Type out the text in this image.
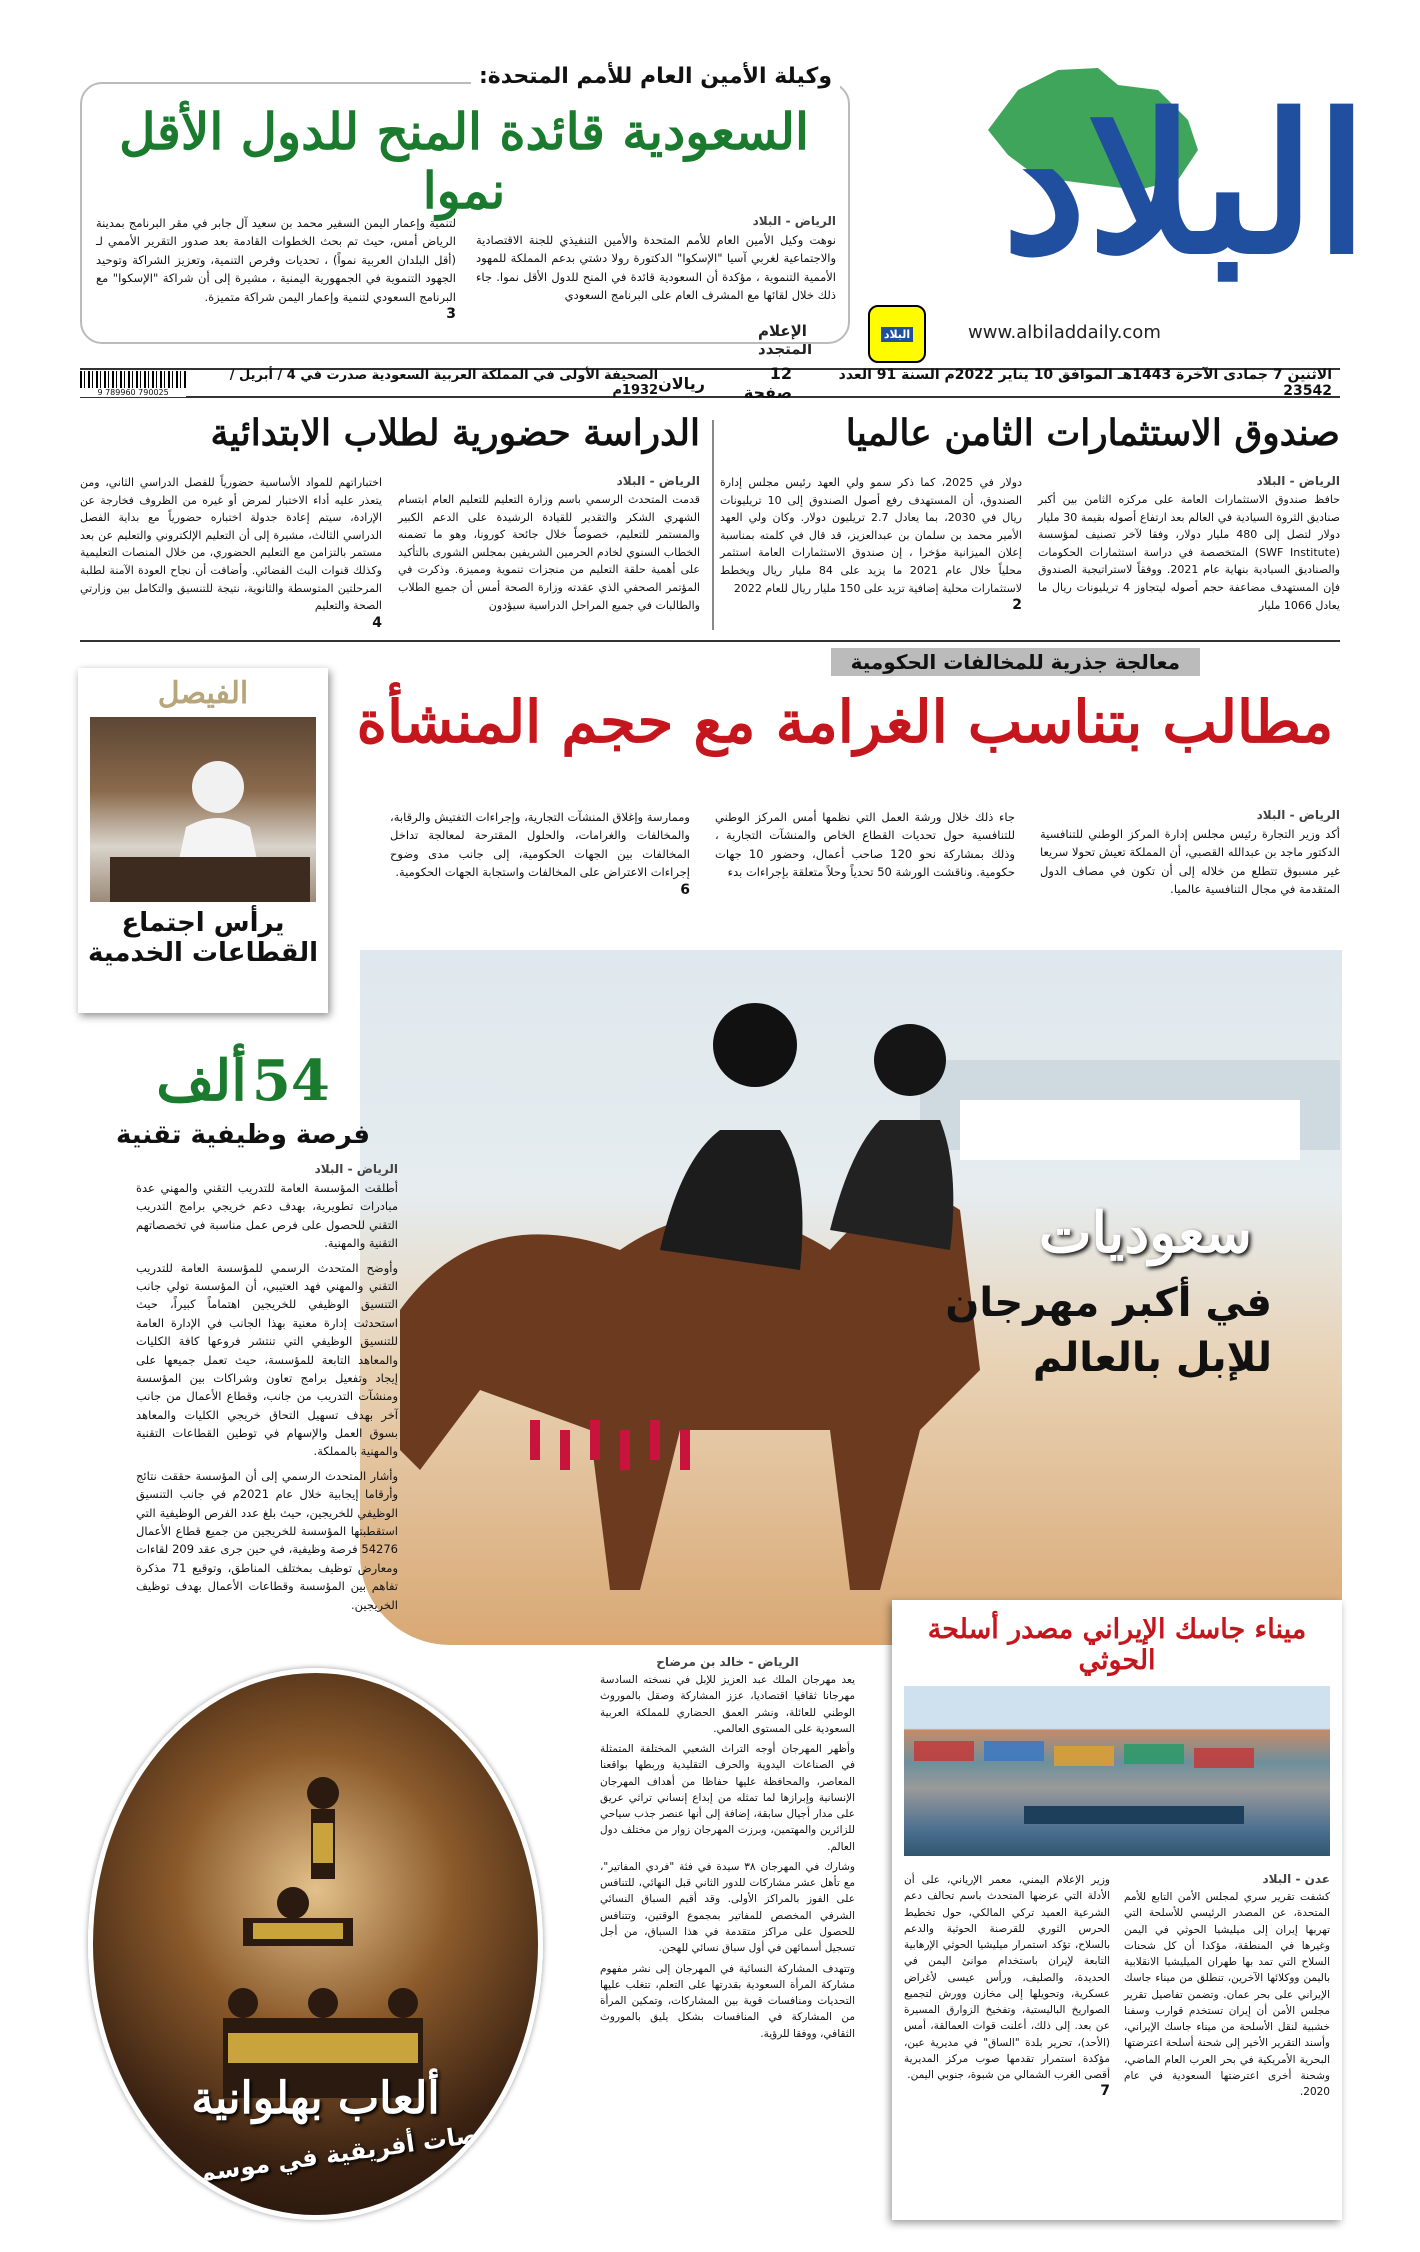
البلاد
البلاد	www.albiladdaily.com
الإعلام المتجدد
وكيلة الأمين العام للأمم المتحدة:
السعودية قائدة المنح للدول الأقل نموا
الرياض - البلاد
نوهت وكيل الأمين العام للأمم المتحدة والأمين التنفيذي للجنة الاقتصادية والاجتماعية لغربي آسيا "الإسكوا" الدكتورة رولا دشتي بدعم المملكة للمهود الأممية التنموية ، مؤكدة أن السعودية قائدة في المنح للدول الأقل نموا. جاء ذلك خلال لقائها مع المشرف العام على البرنامج السعودي
لتنمية وإعمار اليمن السفير محمد بن سعيد آل جابر في مقر البرنامج بمدينة الرياض أمس، حيث تم بحث الخطوات القادمة بعد صدور التقرير الأممي لـ (أقل البلدان العربية نمواً) ، تحديات وفرص التنمية، وتعزيز الشراكة وتوحيد الجهود التنموية في الجمهورية اليمنية ، مشيرة إلى أن شراكة "الإسكوا" مع البرنامج السعودي لتنمية وإعمار اليمن شراكة متميزة.
3
الاثنين 7 جمادى الآخرة 1443هـ الموافق 10 يناير 2022م السنة 91 العدد 23542
12 صفحة
ريالان
الصحيفة الأولى في المملكة العربية السعودية صدرت في 4 / أبريل / 1932م
9 789960 790025
صندوق الاستثمارات الثامن عالميا
الرياض - البلاد
حافظ صندوق الاستثمارات العامة على مركزه الثامن بين أكبر صناديق الثروة السيادية في العالم بعد ارتفاع أصوله بقيمة 30 مليار دولار لتصل إلى 480 مليار دولار، وفقا لآخر تصنيف لمؤسسة (SWF Institute) المتخصصة في دراسة استثمارات الحكومات والصناديق السيادية بنهاية عام 2021. ووفقاً لاستراتيجية الصندوق فإن المستهدف مضاعفة حجم أصوله ليتجاوز 4 تريليونات ريال ما يعادل 1066 مليار
دولار في 2025، كما ذكر سمو ولي العهد رئيس مجلس إدارة الصندوق، أن المستهدف رفع أصول الصندوق إلى 10 تريليونات ريال في 2030، بما يعادل 2.7 تريليون دولار. وكان ولي العهد الأمير محمد بن سلمان بن عبدالعزيز، قد قال في كلمته بمناسبة إعلان الميزانية مؤخرا ، إن صندوق الاستثمارات العامة استثمر محلياً خلال عام 2021 ما يزيد على 84 مليار ريال ويخطط لاستثمارات محلية إضافية تزيد على 150 مليار ريال للعام 2022
2
الدراسة حضورية لطلاب الابتدائية
الرياض - البلاد
قدمت المتحدث الرسمي باسم وزارة التعليم للتعليم العام ابتسام الشهري الشكر والتقدير للقيادة الرشيدة على الدعم الكبير والمستمر للتعليم، خصوصاً خلال جائحة كورونا، وهو ما تضمنه الخطاب السنوي لخادم الحرمين الشريفين بمجلس الشورى بالتأكيد على أهمية حلقة التعليم من منجزات تنموية ومميزة. وذكرت في المؤتمر الصحفي الذي عقدته وزارة الصحة أمس أن جميع الطلاب والطالبات في جميع المراحل الدراسية سيؤدون
اختباراتهم للمواد الأساسية حضورياً للفصل الدراسي الثاني، ومن يتعذر عليه أداء الاختبار لمرض أو غيره من الظروف فخارجة عن الإرادة، سيتم إعادة جدولة اختباره حضورياً مع بداية الفصل الدراسي الثالث، مشيرة إلى أن التعليم الإلكتروني والتعليم عن بعد مستمر بالتزامن مع التعليم الحضوري، من خلال المنصات التعليمية وكذلك قنوات البث الفضائي. وأضافت أن نجاح العودة الآمنة لطلبة المرحلتين المتوسطة والثانوية، نتيجة للتنسيق والتكامل بين وزارتي الصحة والتعليم
4
معالجة جذرية للمخالفات الحكومية
مطالب بتناسب الغرامة مع حجم المنشأة
الرياض - البلاد
أكد وزير التجارة رئيس مجلس إدارة المركز الوطني للتنافسية الدكتور ماجد بن عبدالله القصبي، أن المملكة تعيش تحولا سريعا غير مسبوق تتطلع من خلاله إلى أن تكون في مصاف الدول المتقدمة في مجال التنافسية عالميا.
جاء ذلك خلال ورشة العمل التي نظمها أمس المركز الوطني للتنافسية حول تحديات القطاع الخاص والمنشآت التجارية ، وذلك بمشاركة نحو 120 صاحب أعمال، وحضور 10 جهات حكومية. وناقشت الورشة 50 تحدياً وحلاً متعلقة بإجراءات بدء
وممارسة وإغلاق المنشآت التجارية، وإجراءات التفتيش والرقابة، والمخالفات والغرامات، والحلول المقترحة لمعالجة تداخل المخالفات بين الجهات الحكومية، إلى جانب مدى وضوح إجراءات الاعتراض على المخالفات واستجابة الجهات الحكومية.
6
الفيصل
يرأس اجتماع
القطاعات الخدمية
سعوديات
في أكبر مهرجان
للإبل بالعالم
54 ألف
فرصة وظيفية تقنية
الرياض - البلاد
أطلقت المؤسسة العامة للتدريب التقني والمهني عدة مبادرات تطويرية، بهدف دعم خريجي برامج التدريب التقني للحصول على فرص عمل مناسبة في تخصصاتهم التقنية والمهنية.
وأوضح المتحدث الرسمي للمؤسسة العامة للتدريب التقني والمهني فهد العتيبي، أن المؤسسة تولي جانب التنسيق الوظيفي للخريجين اهتماماً كبيراً، حيث استحدثت إدارة معنية بهذا الجانب في الإدارة العامة للتنسيق الوظيفي التي تنتشر فروعها كافة الكليات والمعاهد التابعة للمؤسسة، حيث تعمل جميعها على إيجاد وتفعيل برامج تعاون وشراكات بين المؤسسة ومنشآت التدريب من جانب، وقطاع الأعمال من جانب آخر بهدف تسهيل التحاق خريجي الكليات والمعاهد بسوق العمل والإسهام في توطين القطاعات التقنية والمهنية بالمملكة.
وأشار المتحدث الرسمي إلى أن المؤسسة حققت نتائج وأرقاما إيجابية خلال عام 2021م في جانب التنسيق الوظيفي للخريجين، حيث بلغ عدد الفرص الوظيفية التي استقطبتها المؤسسة للخريجين من جميع قطاع الأعمال 54276 فرصة وظيفية، في حين جرى عقد 209 لقاءات ومعارض توظيف بمختلف المناطق، وتوقيع 71 مذكرة تفاهم بين المؤسسة وقطاعات الأعمال بهدف توظيف الخريجين.
الرياض - خالد بن مرضاح
يعد مهرجان الملك عبد العزيز للإبل في نسخته السادسة مهرجانا ثقافيا اقتصاديا، عزز المشاركة وصقل بالموروث الوطني للعائلة، ونشر العمق الحضاري للمملكة العربية السعودية على المستوى العالمي.
وأظهر المهرجان أوجه التراث الشعبي المختلفة المتمثلة في الصناعات اليدوية والحرف التقليدية وربطها بواقعنا المعاصر، والمحافظة عليها حفاظا من أهداف المهرجان الإنسانية وإبرازها لما تمثله من إبداع إنساني تراثي عريق على مدار أجيال سابقة، إضافة إلى أنها عنصر جذب سياحي للزائرين والمهتمين، وبرزت المهرجان زوار من مختلف دول العالم.
وشارك في المهرجان ٣٨ سيدة في فئة "فردي المفاتير"، مع تأهل عشر مشاركات للدور الثاني قبل النهائي، للتنافس على الفوز بالمراكز الأولى. وقد أقيم السباق النسائي الشرفي المخصص للمفاتير بمجموع الوقتين، وتتنافس للحصول على مراكز متقدمة في هذا السباق، من أجل تسجيل أسمائهن في أول سباق نسائي للهجن.
وتتهدف المشاركة النسائية في المهرجان إلى نشر مفهوم مشاركة المرأة السعودية بقدرتها على التعلم، تتغلب عليها التحديات ومنافسات قوية بين المشاركات، وتمكين المرأة من المشاركة في المنافسات بشكل يليق بالموروث الثقافي، ووفقا للرؤية.
ميناء جاسك الإيراني مصدر أسلحة الحوثي
عدن - البلاد
كشفت تقرير سري لمجلس الأمن التابع للأمم المتحدة، عن المصدر الرئيسي للأسلحة التي تهربها إيران إلى ميليشيا الحوثي في اليمن وغيرها في المنطقة، مؤكدا أن كل شحنات السلاح التي تمد بها طهران الميليشيا الانقلابية باليمن ووكلائها الآخرين، تنطلق من ميناء جاسك الإيراني على بحر عمان. وتضمن تفاصيل تقرير مجلس الأمن أن إيران تستخدم قوارب وسفنا خشبية لنقل الأسلحة من ميناء جاسك الإيراني، وأسند التقرير الأخير إلى شحنة أسلحة اعترضتها البحرية الأمريكية في بحر العرب العام الماضي، وشحنة أخرى اعترضتها السعودية في عام 2020.
وزير الإعلام اليمني، معمر الإرياني، على أن الأدلة التي عرضها المتحدث باسم تحالف دعم الشرعية العميد تركي المالكي، حول تخطيط الحرس الثوري للقرصنة الحوثية والدعم بالسلاح، تؤكد استمرار ميليشيا الحوثي الإرهابية التابعة لإيران باستخدام موانئ اليمن في الحديدة، والصليف، ورأس عيسى لأغراض عسكرية، وتحويلها إلى مخازن وورش لتجميع الصواريخ الباليستية، وتفخيخ الزوارق المسيرة عن بعد. إلى ذلك، أعلنت قوات العمالقة، أمس (الأحد)، تحرير بلدة "الساق" في مديرية عين، مؤكدة استمرار تقدمها صوب مركز المديرية أقصى الغرب الشمالي من شبوة، جنوبي اليمن.
7
ألعاب بهلوانية
ورقصات أفريقية في موسم الرياض
